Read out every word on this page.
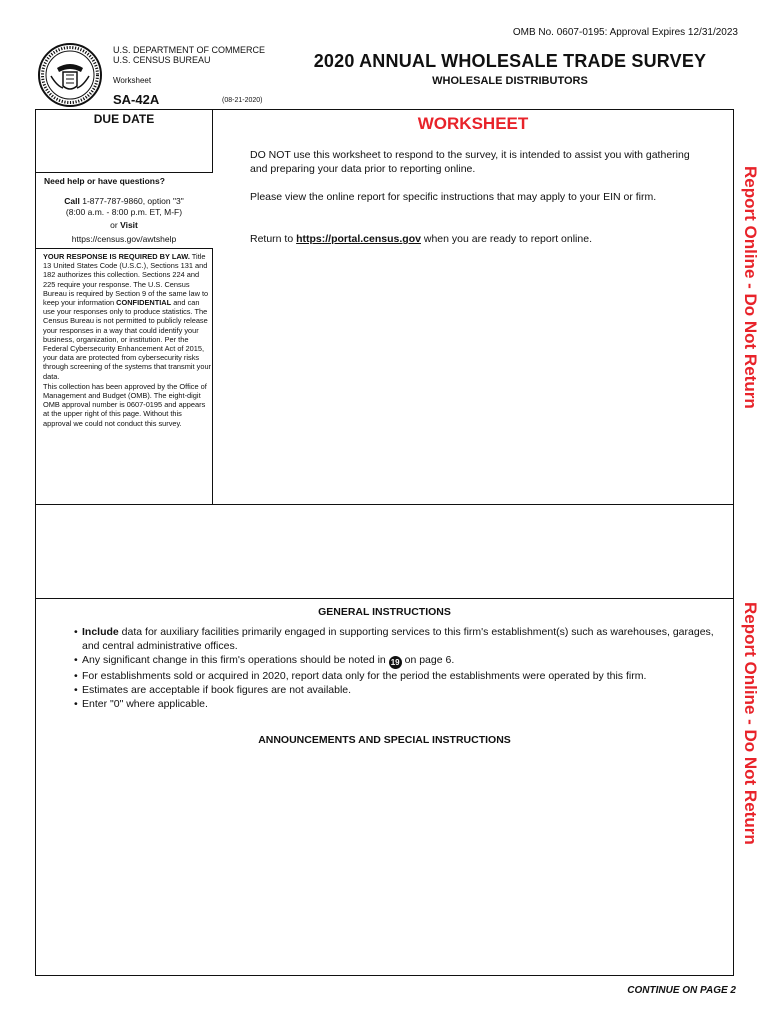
OMB No. 0607-0195: Approval Expires 12/31/2023
U.S. DEPARTMENT OF COMMERCE
U.S. CENSUS BUREAU
Worksheet
SA-42A	(08-21-2020)
2020 ANNUAL WHOLESALE TRADE SURVEY
WHOLESALE DISTRIBUTORS
DUE DATE
Need help or have questions?
Call 1-877-787-9860, option "3"
(8:00 a.m. - 8:00 p.m. ET, M-F)
or Visit
https://census.gov/awtshelp
YOUR RESPONSE IS REQUIRED BY LAW. Title 13 United States Code (U.S.C.), Sections 131 and 182 authorizes this collection. Sections 224 and 225 require your response. The U.S. Census Bureau is required by Section 9 of the same law to keep your information CONFIDENTIAL and can use your responses only to produce statistics. The Census Bureau is not permitted to publicly release your responses in a way that could identify your business, organization, or institution. Per the Federal Cybersecurity Enhancement Act of 2015, your data are protected from cybersecurity risks through screening of the systems that transmit your data.
This collection has been approved by the Office of Management and Budget (OMB). The eight-digit OMB approval number is 0607-0195 and appears at the upper right of this page. Without this approval we could not conduct this survey.
WORKSHEET
DO NOT use this worksheet to respond to the survey, it is intended to assist you with gathering and preparing your data prior to reporting online.
Please view the online report for specific instructions that may apply to your EIN or firm.
Return to https://portal.census.gov when you are ready to report online.
GENERAL INSTRUCTIONS
• Include data for auxiliary facilities primarily engaged in supporting services to this firm's establishment(s) such as warehouses, garages, and central administrative offices.
• Any significant change in this firm's operations should be noted in 19 on page 6.
• For establishments sold or acquired in 2020, report data only for the period the establishments were operated by this firm.
• Estimates are acceptable if book figures are not available.
• Enter "0" where applicable.
ANNOUNCEMENTS AND SPECIAL INSTRUCTIONS
CONTINUE ON PAGE 2
Report Online - Do Not Return
Report Online - Do Not Return
